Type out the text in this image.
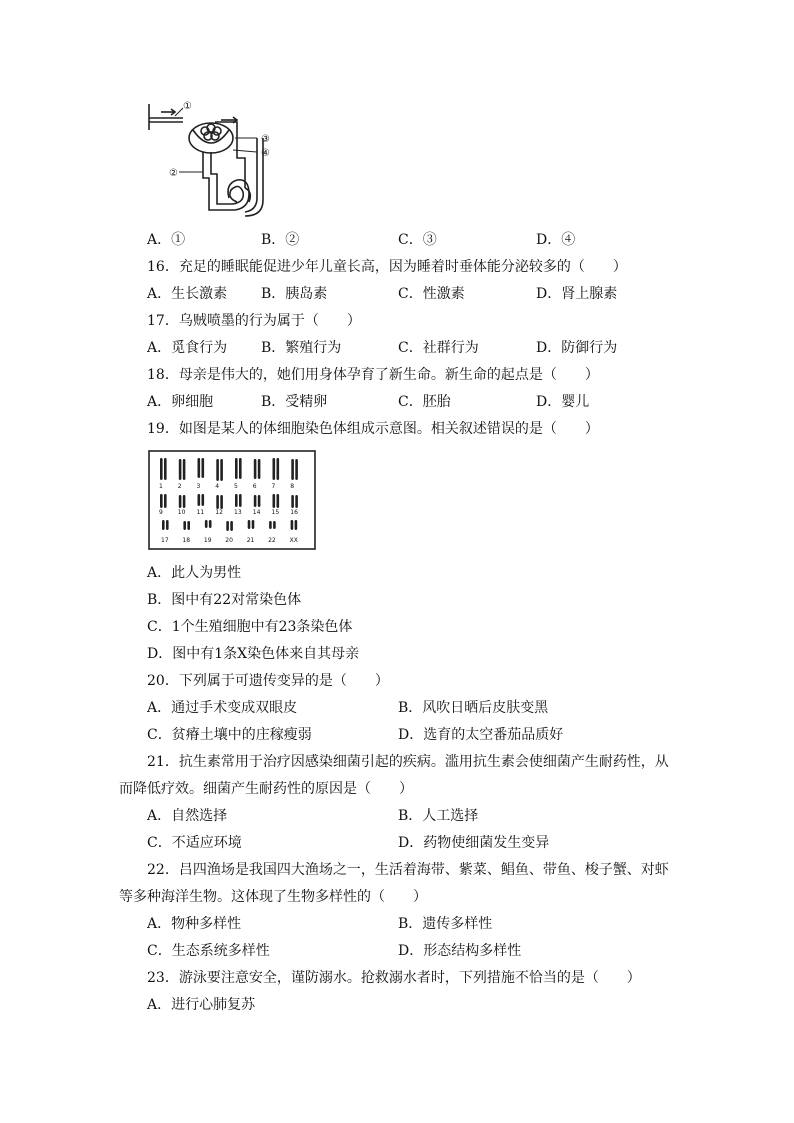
①
③
④
②
A．①	B．②	C．③	D．④
16．充足的睡眠能促进少年儿童长高，因为睡着时垂体能分泌较多的（　　）
A．生长激素 B．胰岛素	C．性激素	D．肾上腺素
17．乌贼喷墨的行为属于（　　）
A．觅食行为 B．繁殖行为	C．社群行为	D．防御行为
18．母亲是伟大的，她们用身体孕育了新生命。新生命的起点是（　　）
A．卵细胞	B．受精卵	C．胚胎	D．婴儿
19．如图是某人的体细胞染色体组成示意图。相关叙述错误的是（　　）
1 2 3 4 5 6 7 8
9 10 11 12 13 14 15 16
17 18 19 20 21 22 XX
A．此人为男性
B．图中有22对常染色体
C．1个生殖细胞中有23条染色体
D．图中有1条X染色体来自其母亲
20．下列属于可遗传变异的是（　　）
A．通过手术变成双眼皮	B．风吹日晒后皮肤变黑
C．贫瘠土壤中的庄稼瘦弱	D．选育的太空番茄品质好
21．抗生素常用于治疗因感染细菌引起的疾病。滥用抗生素会使细菌产生耐药性，从
而降低疗效。细菌产生耐药性的原因是（　　）
A．自然选择	B．人工选择
C．不适应环境	D．药物使细菌发生变异
22．吕四渔场是我国四大渔场之一，生活着海带、紫菜、鲳鱼、带鱼、梭子蟹、对虾
等多种海洋生物。这体现了生物多样性的（　　）
A．物种多样性	B．遗传多样性
C．生态系统多样性	D．形态结构多样性
23．游泳要注意安全，谨防溺水。抢救溺水者时，下列措施不恰当的是（　　）
A．进行心肺复苏
